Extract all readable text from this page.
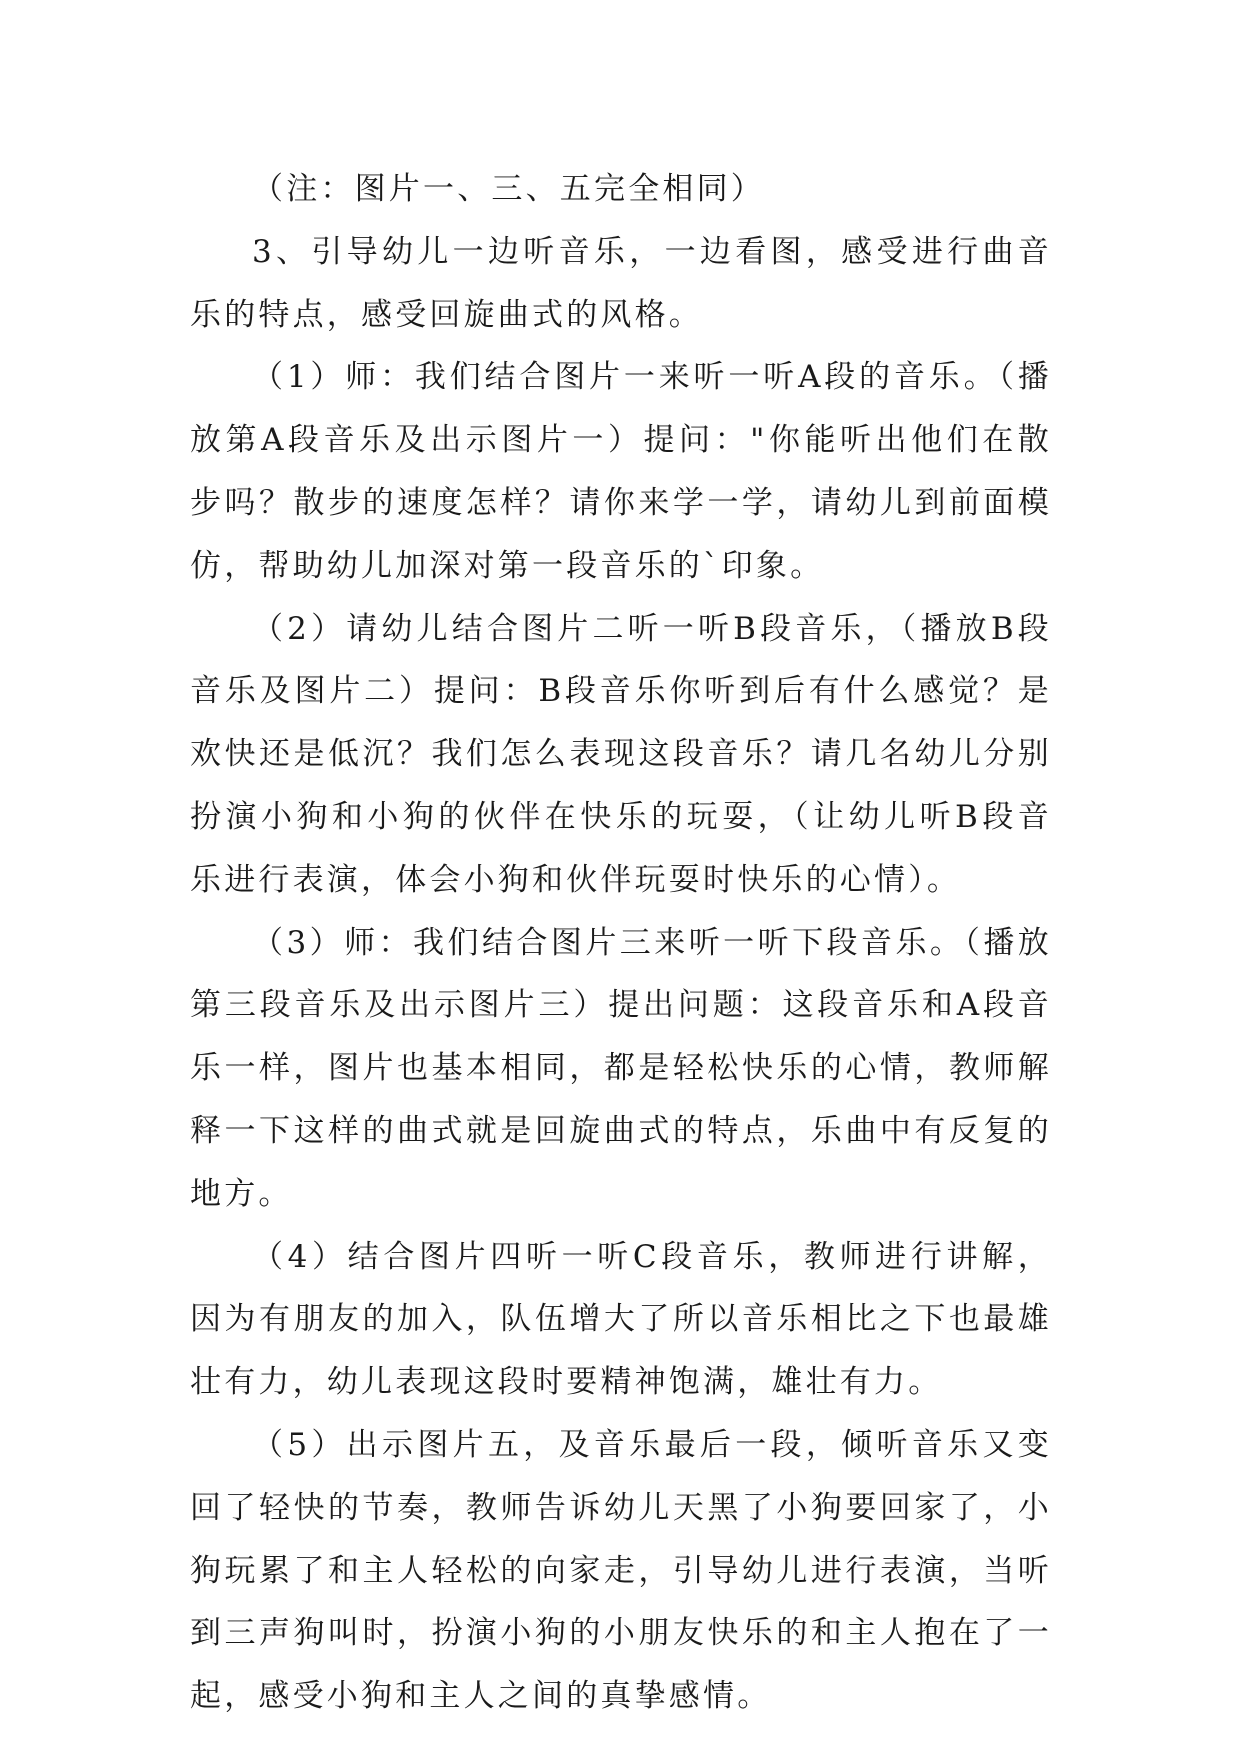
（注：图片一、三、五完全相同）

3、引导幼儿一边听音乐，一边看图，感受进行曲音乐的特点，感受回旋曲式的风格。

（1）师：我们结合图片一来听一听A段的音乐。（播放第A段音乐及出示图片一）提问："你能听出他们在散步吗？散步的速度怎样？请你来学一学，请幼儿到前面模仿，帮助幼儿加深对第一段音乐的`印象。

（2）请幼儿结合图片二听一听B段音乐，（播放B段音乐及图片二）提问：B段音乐你听到后有什么感觉？是欢快还是低沉？我们怎么表现这段音乐？请几名幼儿分别扮演小狗和小狗的伙伴在快乐的玩耍，（让幼儿听B段音乐进行表演，体会小狗和伙伴玩耍时快乐的心情）。

（3）师：我们结合图片三来听一听下段音乐。（播放第三段音乐及出示图片三）提出问题：这段音乐和A段音乐一样，图片也基本相同，都是轻松快乐的心情，教师解释一下这样的曲式就是回旋曲式的特点，乐曲中有反复的地方。

（4）结合图片四听一听C段音乐，教师进行讲解，因为有朋友的加入，队伍增大了所以音乐相比之下也最雄壮有力，幼儿表现这段时要精神饱满，雄壮有力。

（5）出示图片五，及音乐最后一段，倾听音乐又变回了轻快的节奏，教师告诉幼儿天黑了小狗要回家了，小狗玩累了和主人轻松的向家走，引导幼儿进行表演，当听到三声狗叫时，扮演小狗的小朋友快乐的和主人抱在了一起，感受小狗和主人之间的真挚感情。
